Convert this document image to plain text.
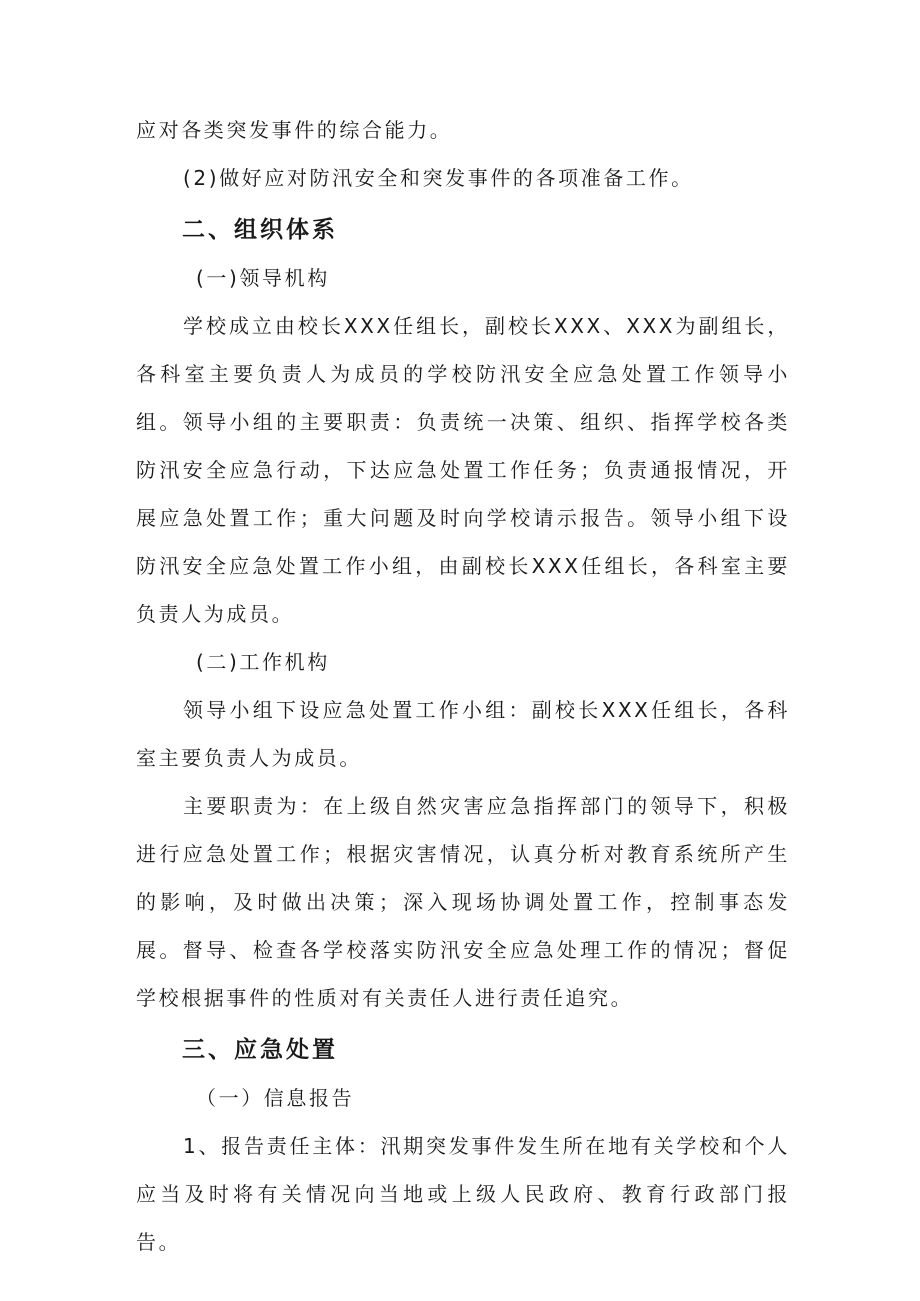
应对各类突发事件的综合能力。

(2)做好应对防汛安全和突发事件的各项准备工作。

二、组织体系

(一)领导机构

学校成立由校长XXX任组长，副校长XXX、XXX为副组长，各科室主要负责人为成员的学校防汛安全应急处置工作领导小组。领导小组的主要职责：负责统一决策、组织、指挥学校各类防汛安全应急行动，下达应急处置工作任务；负责通报情况，开展应急处置工作；重大问题及时向学校请示报告。领导小组下设防汛安全应急处置工作小组，由副校长XXX任组长，各科室主要负责人为成员。

(二)工作机构

领导小组下设应急处置工作小组：副校长XXX任组长，各科室主要负责人为成员。

主要职责为：在上级自然灾害应急指挥部门的领导下，积极进行应急处置工作；根据灾害情况，认真分析对教育系统所产生的影响，及时做出决策；深入现场协调处置工作，控制事态发展。督导、检查各学校落实防汛安全应急处理工作的情况；督促学校根据事件的性质对有关责任人进行责任追究。

三、应急处置

（一）信息报告

1、报告责任主体：汛期突发事件发生所在地有关学校和个人应当及时将有关情况向当地或上级人民政府、教育行政部门报告。
